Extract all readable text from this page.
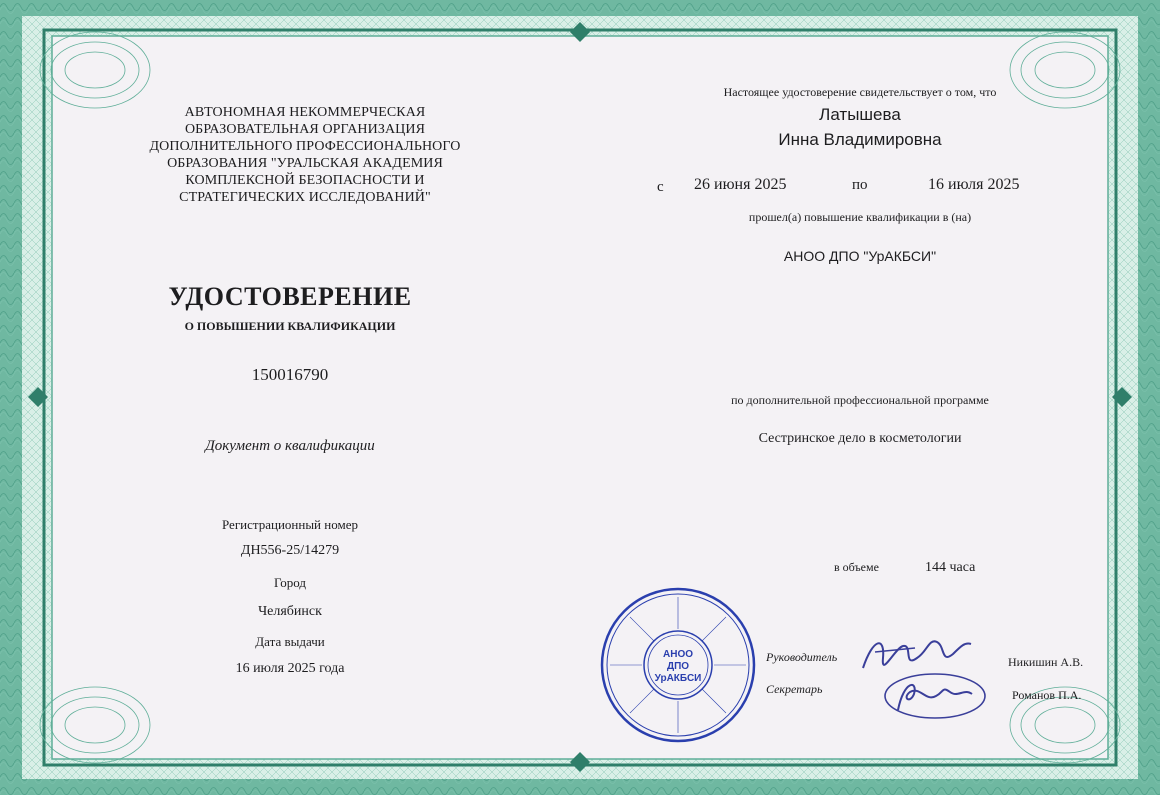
АВТОНОМНАЯ НЕКОММЕРЧЕСКАЯ ОБРАЗОВАТЕЛЬНАЯ ОРГАНИЗАЦИЯ ДОПОЛНИТЕЛЬНОГО ПРОФЕССИОНАЛЬНОГО ОБРАЗОВАНИЯ "УРАЛЬСКАЯ АКАДЕМИЯ КОМПЛЕКСНОЙ БЕЗОПАСНОСТИ И СТРАТЕГИЧЕСКИХ ИССЛЕДОВАНИЙ"
УДОСТОВЕРЕНИЕ
О ПОВЫШЕНИИ КВАЛИФИКАЦИИ
150016790
Документ о квалификации
Регистрационный номер
ДН556-25/14279
Город
Челябинск
Дата выдачи
16 июля 2025 года
Настоящее удостоверение свидетельствует о том, что
Латышева
Инна Владимировна
с 26 июня 2025	по	16 июля 2025
прошел(а) повышение квалификации в (на)
АНОО ДПО "УрАКБСИ"
по дополнительной профессиональной программе
Сестринское дело в косметологии
в объеме	144 часа
Руководитель
Секретарь
Никишин А.В.
Романов П.А.
АНОО
ДПО
УрАКБСИ
